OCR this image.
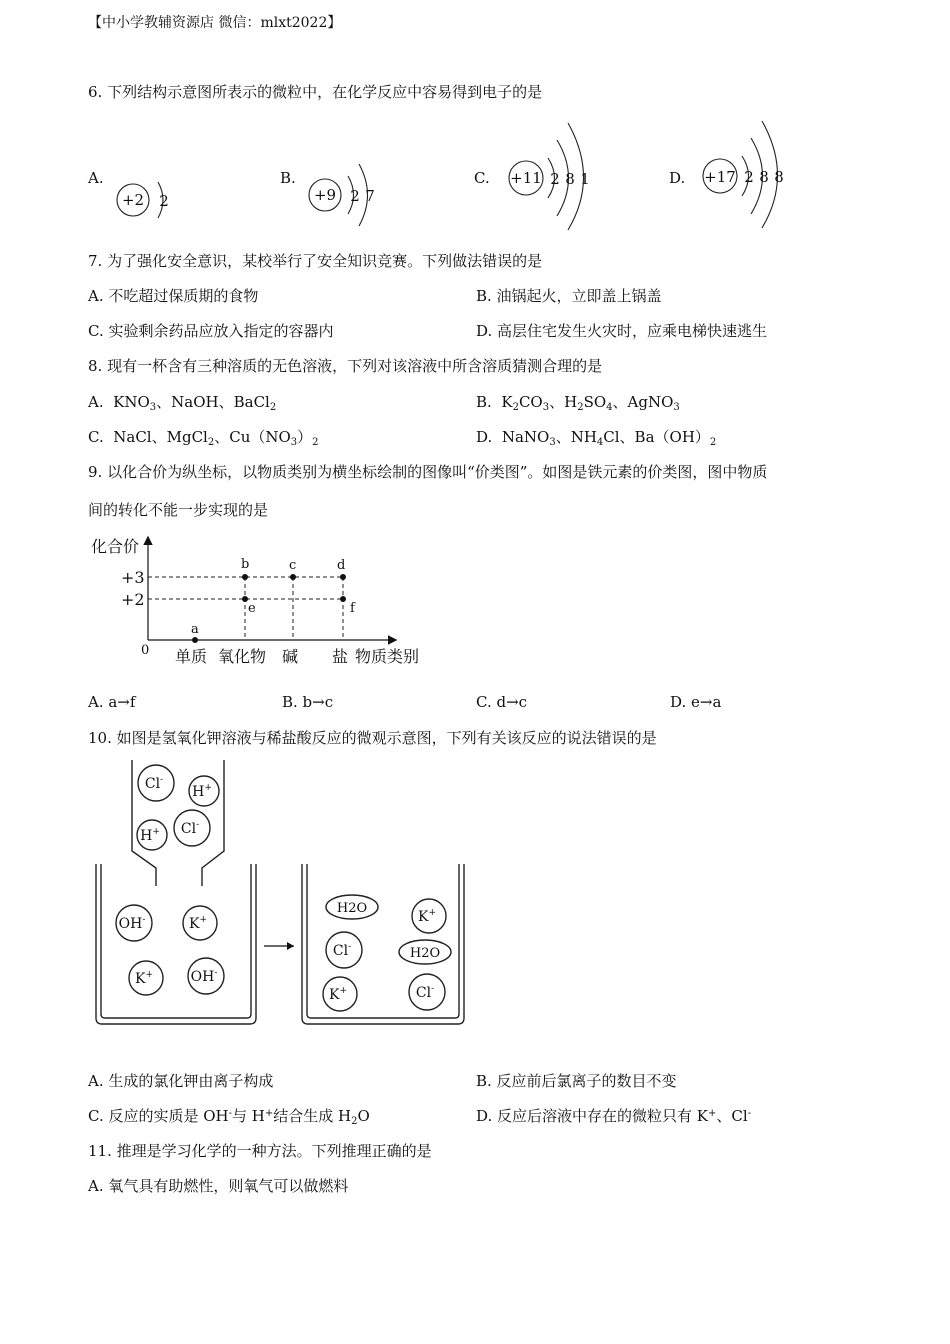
【中小学教辅资源店 微信：mlxt2022】
6. 下列结构示意图所表示的微粒中，在化学反应中容易得到电子的是
A.
+2 2
B.
+9 2 7
C. +11 2 8 1	D. +17 2 8 8
7. 为了强化安全意识，某校举行了安全知识竞赛。下列做法错误的是
A. 不吃超过保质期的食物	B. 油锅起火，立即盖上锅盖
C. 实验剩余药品应放入指定的容器内	D. 高层住宅发生火灾时，应乘电梯快速逃生
8. 现有一杯含有三种溶质的无色溶液，下列对该溶液中所含溶质猜测合理的是
A. $KNO_3$、NaOH、BaCl$_2$	B. $K_2CO_3$、$H_2SO_4$、AgNO$_3$
C. NaCl、MgCl$_2$、$Cu(NO_3)_2$	D. NaNO$_3$、$NH_4Cl$、$Ba(OH)_2$
9. 以化合价为纵坐标，以物质类别为横坐标绘制的图像叫“价类图”。如图是铁元素的价类图，图中物质
间的转化不能一步实现的是
化合价
+3
+2
0 单质 氧化物 碱 盐 物质类别
a
b	c	d
e	f
A. a→f	B. b→c	C. d→c	D. e→a
10. 如图是氢氧化钾溶液与稀盐酸反应的微观示意图，下列有关该反应的说法错误的是
Cl-
H+
H+ Cl-
OH-	K+
K+	OH-
H2O
K+
Cl-	H2O
K+	Cl-
A. 生成的氯化钾由离子构成	B. 反应前后氯离子的数目不变
C. 反应的实质是 OH-与 H+结合生成 $H_2O$	D. 反应后溶液中存在的微粒只有 K+、Cl-
11. 推理是学习化学的一种方法。下列推理正确的是
A. 氧气具有助燃性，则氧气可以做燃料
